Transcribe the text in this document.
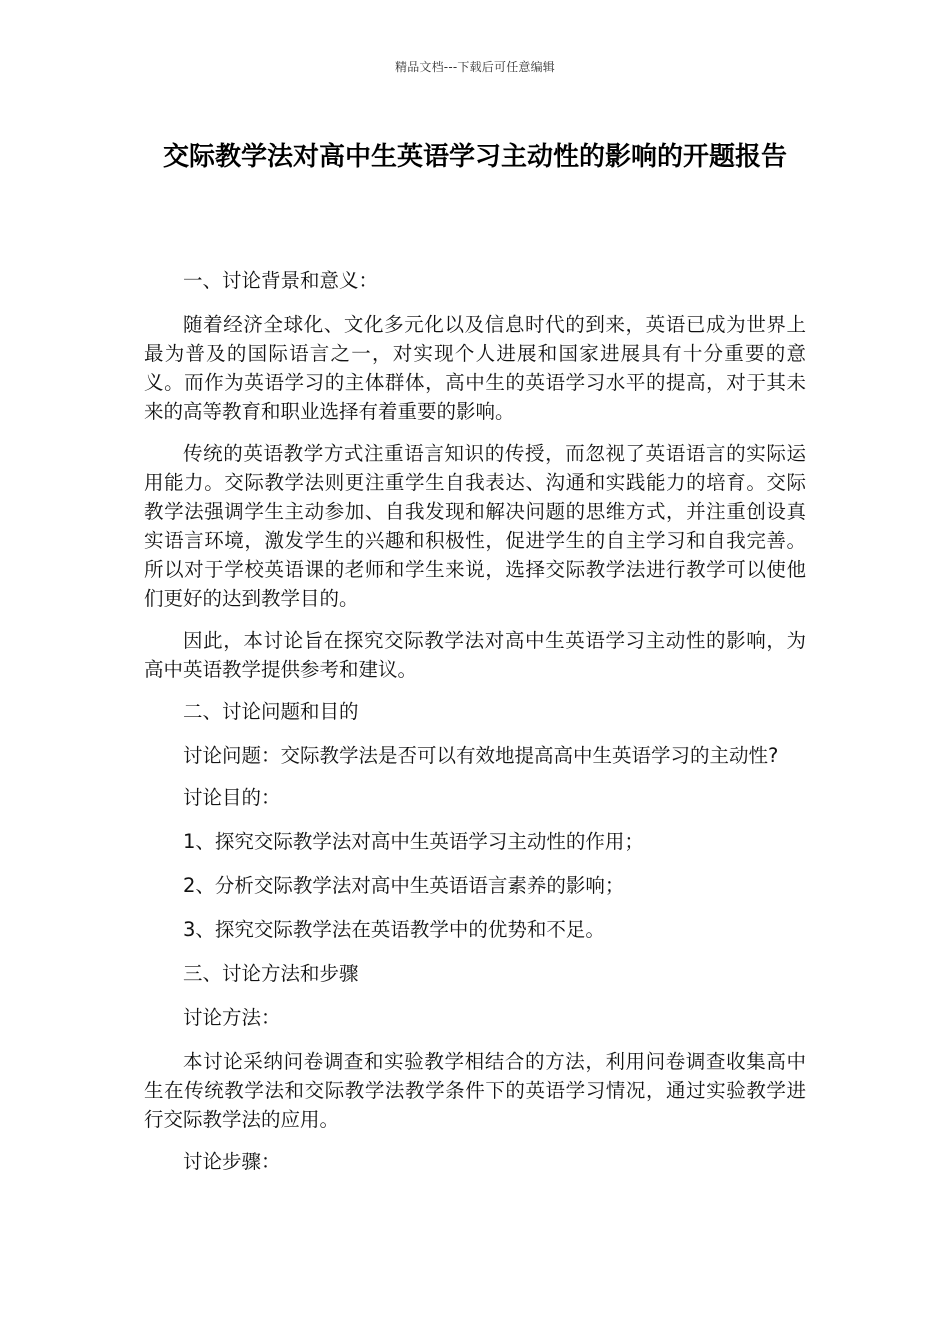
精品文档---下载后可任意编辑
交际教学法对高中生英语学习主动性的影响的开题报告

一、讨论背景和意义：

随着经济全球化、文化多元化以及信息时代的到来，英语已成为世界上最为普及的国际语言之一，对实现个人进展和国家进展具有十分重要的意义。而作为英语学习的主体群体，高中生的英语学习水平的提高，对于其未来的高等教育和职业选择有着重要的影响。

传统的英语教学方式注重语言知识的传授，而忽视了英语语言的实际运用能力。交际教学法则更注重学生自我表达、沟通和实践能力的培育。交际教学法强调学生主动参加、自我发现和解决问题的思维方式，并注重创设真实语言环境，激发学生的兴趣和积极性，促进学生的自主学习和自我完善。所以对于学校英语课的老师和学生来说，选择交际教学法进行教学可以使他们更好的达到教学目的。

因此，本讨论旨在探究交际教学法对高中生英语学习主动性的影响，为高中英语教学提供参考和建议。

二、讨论问题和目的

讨论问题：交际教学法是否可以有效地提高高中生英语学习的主动性?

讨论目的：

1、探究交际教学法对高中生英语学习主动性的作用；

2、分析交际教学法对高中生英语语言素养的影响；

3、探究交际教学法在英语教学中的优势和不足。

三、讨论方法和步骤

讨论方法：

本讨论采纳问卷调查和实验教学相结合的方法，利用问卷调查收集高中生在传统教学法和交际教学法教学条件下的英语学习情况，通过实验教学进行交际教学法的应用。

讨论步骤：
